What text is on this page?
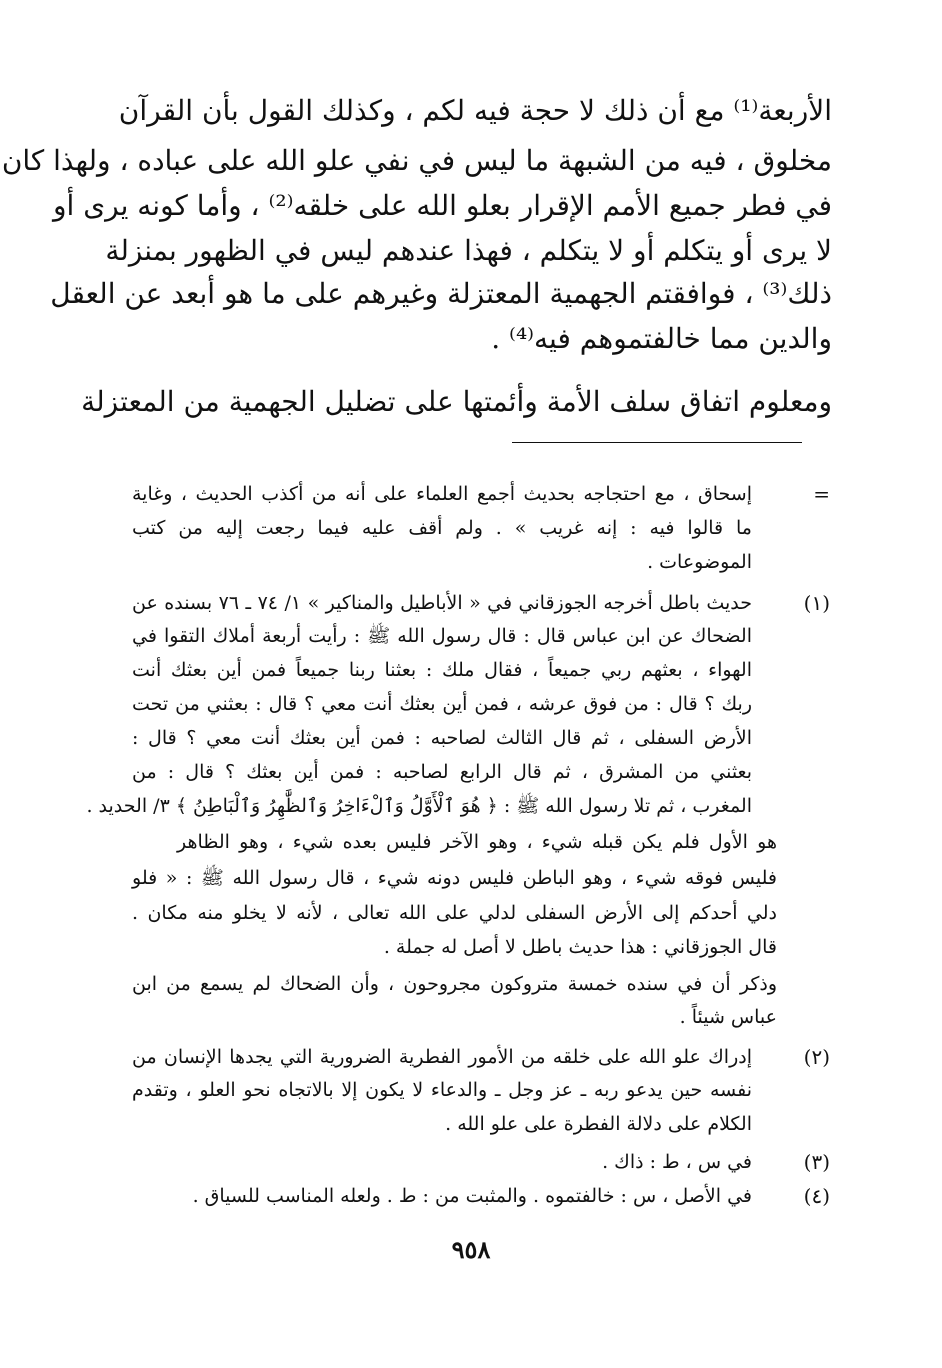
الأربعة⁽¹⁾ مع أن ذلك لا حجة فيه لكم ، وكذلك القول بأن القرآن
مخلوق ، فيه من الشبهة ما ليس في نفي علو الله على عباده ، ولهذا كان
في فطر جميع الأمم الإقرار بعلو الله على خلقه⁽²⁾ ، وأما كونه يرى أو
لا يرى أو يتكلم أو لا يتكلم ، فهذا عندهم ليس في الظهور بمنزلة
ذلك⁽³⁾ ، فوافقتم الجهمية المعتزلة وغيرهم على ما هو أبعد عن العقل
والدين مما خالفتموهم فيه⁽⁴⁾ .
ومعلوم اتفاق سلف الأمة وأئمتها على تضليل الجهمية من المعتزلة
=
إسحاق ، مع احتجاجه بحديث أجمع العلماء على أنه من أكذب الحديث ، وغاية
ما قالوا فيه : إنه غريب » . ولم أقف عليه فيما رجعت إليه من كتب
الموضوعات .
(١)
حديث باطل أخرجه الجوزقاني في « الأباطيل والمناكير » ١/ ٧٤ ـ ٧٦ بسنده عن
الضحاك عن ابن عباس قال : قال رسول الله ﷺ : رأيت أربعة أملاك التقوا في
الهواء ، بعثهم ربي جميعاً ، فقال ملك : بعثنا ربنا جميعاً فمن أين بعثك أنت
ربك ؟ قال : من فوق عرشه ، فمن أين بعثك أنت معي ؟ قال : بعثني من تحت
الأرض السفلى ، ثم قال الثالث لصاحبه : فمن أين بعثك أنت معي ؟ قال :
بعثني من المشرق ، ثم قال الرابع لصاحبه : فمن أين بعثك ؟ قال : من
المغرب ، ثم تلا رسول الله ﷺ : ﴿ هُوَ ٱلْأَوَّلُ وَٱلْءَاخِرُ وَٱلظَّٰهِرُ وَٱلْبَاطِنُ ﴾ ٣/ الحديد .
هو الأول فلم يكن قبله شيء ، وهو الآخر فليس بعده شيء ، وهو الظاهر
فليس فوقه شيء ، وهو الباطن فليس دونه شيء ، قال رسول الله ﷺ : « فلو
دلي أحدكم إلى الأرض السفلى لدلي على الله تعالى ، لأنه لا يخلو منه مكان .
قال الجوزقاني : هذا حديث باطل لا أصل له جملة .
وذكر أن في سنده خمسة متروكون مجروحون ، وأن الضحاك لم يسمع من ابن
عباس شيئاً .
(٢)
إدراك علو الله على خلقه من الأمور الفطرية الضرورية التي يجدها الإنسان من
نفسه حين يدعو ربه ـ عز وجل ـ والدعاء لا يكون إلا بالاتجاه نحو العلو ، وتقدم
الكلام على دلالة الفطرة على علو الله .
(٣)
في س ، ط : ذاك .
(٤)
في الأصل ، س : خالفتموه . والمثبت من : ط . ولعله المناسب للسياق .
٩٥٨
